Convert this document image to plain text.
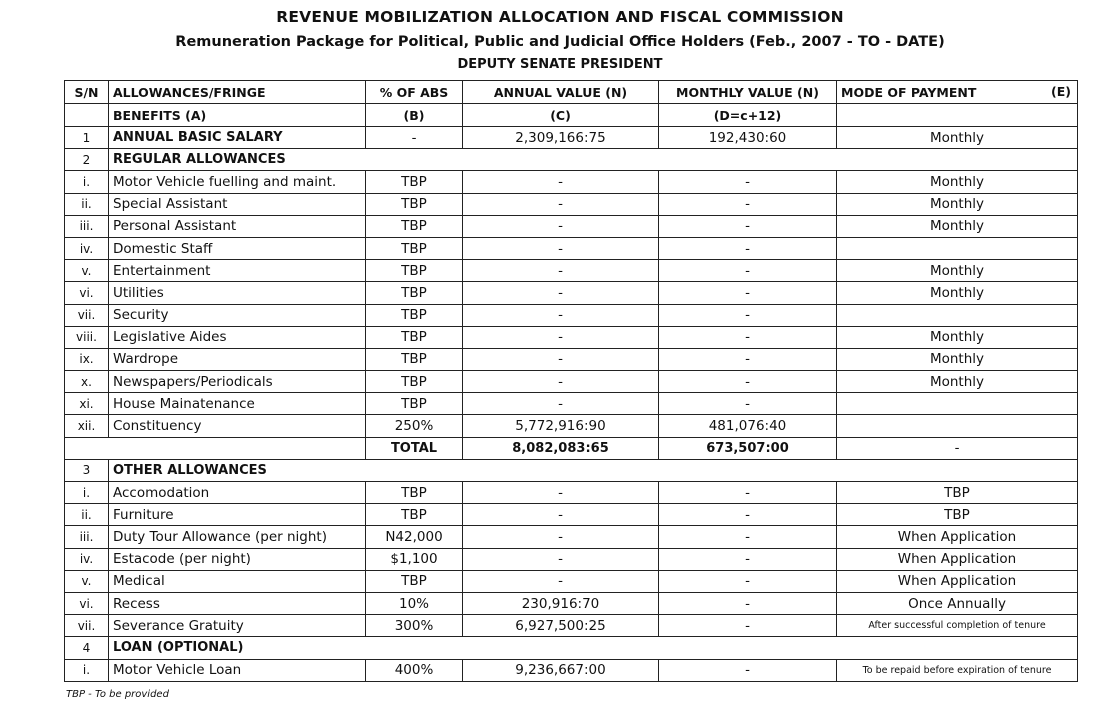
REVENUE MOBILIZATION ALLOCATION AND FISCAL COMMISSION
Remuneration Package for Political, Public and Judicial Office Holders (Feb., 2007 - TO - DATE)
DEPUTY SENATE PRESIDENT
S/N	ALLOWANCES/FRINGE	% OF ABS	ANNUAL VALUE (N)	MONTHLY VALUE (N)	MODE OF PAYMENT (E)

	BENEFITS (A)	(B)	(C)	(D=c+12)	
1	ANNUAL BASIC SALARY	-	2,309,166:75	192,430:60	Monthly
2	REGULAR ALLOWANCES				
i.	Motor Vehicle fuelling and maint.	TBP	-	-	Monthly
ii.	Special Assistant	TBP	-	-	Monthly
iii.	Personal Assistant	TBP	-	-	Monthly
iv.	Domestic Staff	TBP	-	-	
v.	Entertainment	TBP	-	-	Monthly
vi.	Utilities	TBP	-	-	Monthly
vii.	Security	TBP	-	-	
viii.	Legislative Aides	TBP	-	-	Monthly
ix.	Wardrope	TBP	-	-	Monthly
x.	Newspapers/Periodicals	TBP	-	-	Monthly
xi.	House Mainatenance	TBP	-	-	
xii.	Constituency	250%	5,772,916:90	481,076:40	
		TOTAL	8,082,083:65	673,507:00	-
3	OTHER ALLOWANCES				
i.	Accomodation	TBP	-	-	TBP
ii.	Furniture	TBP	-	-	TBP
iii.	Duty Tour Allowance (per night)	N42,000	-	-	When Application
iv.	Estacode (per night)	$1,100	-	-	When Application
v.	Medical	TBP	-	-	When Application
vi.	Recess	10%	230,916:70	-	Once Annually
vii.	Severance Gratuity	300%	6,927,500:25	-	After successful completion of tenure
4	LOAN (OPTIONAL)				
i.	Motor Vehicle Loan	400%	9,236,667:00	-	To be repaid before expiration of tenure
TBP - To be provided
